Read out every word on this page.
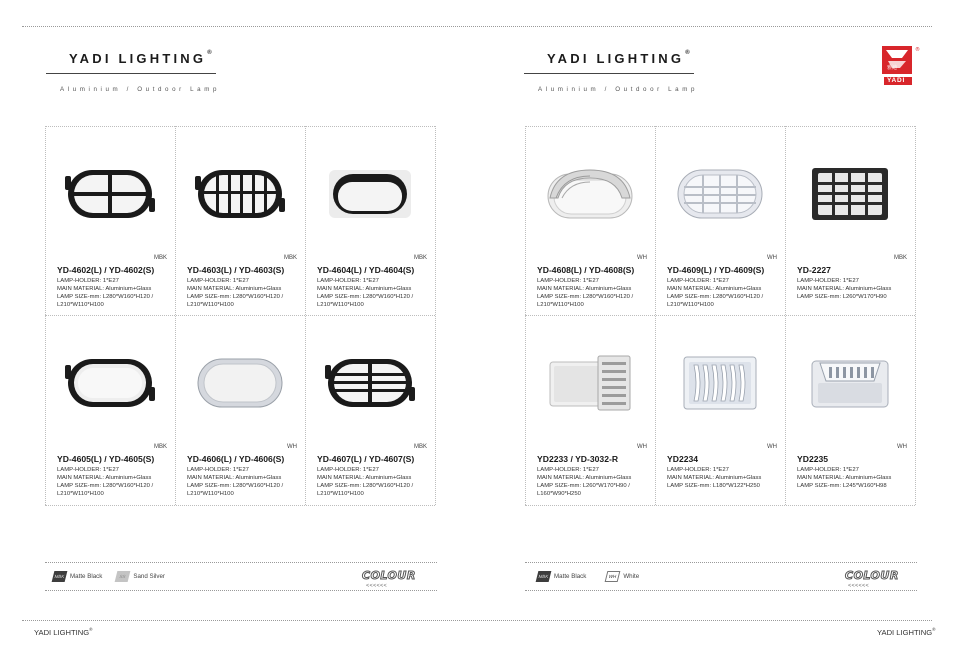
YADI LIGHTING®
Aluminium / Outdoor Lamp
YADI LIGHTING®
Aluminium / Outdoor Lamp
®
YADI
雅迪
MBK
YD-4602(L) / YD-4602(S)
LAMP-HOLDER: 1*E27
MAIN MATERIAL: Aluminium+Glass
LAMP SIZE-mm: L280*W160*H120 /
L210*W110*H100
MBK
YD-4603(L) / YD-4603(S)
LAMP-HOLDER: 1*E27
MAIN MATERIAL: Aluminium+Glass
LAMP SIZE-mm: L280*W160*H120 /
L210*W110*H100
MBK
YD-4604(L) / YD-4604(S)
LAMP-HOLDER: 1*E27
MAIN MATERIAL: Aluminium+Glass
LAMP SIZE-mm: L280*W160*H120 /
L210*W110*H100
MBK
YD-4605(L) / YD-4605(S)
LAMP-HOLDER: 1*E27
MAIN MATERIAL: Aluminium+Glass
LAMP SIZE-mm: L280*W160*H120 /
L210*W110*H100
WH
YD-4606(L) / YD-4606(S)
LAMP-HOLDER: 1*E27
MAIN MATERIAL: Aluminium+Glass
LAMP SIZE-mm: L280*W160*H120 /
L210*W110*H100
MBK
YD-4607(L) / YD-4607(S)
LAMP-HOLDER: 1*E27
MAIN MATERIAL: Aluminium+Glass
LAMP SIZE-mm: L280*W160*H120 /
L210*W110*H100
WH
YD-4608(L) / YD-4608(S)
LAMP-HOLDER: 1*E27
MAIN MATERIAL: Aluminium+Glass
LAMP SIZE-mm: L280*W160*H120 /
L210*W110*H100
WH
YD-4609(L) / YD-4609(S)
LAMP-HOLDER: 1*E27
MAIN MATERIAL: Aluminium+Glass
LAMP SIZE-mm: L280*W160*H120 /
L210*W110*H100
MBK
YD-2227
LAMP-HOLDER: 1*E27
MAIN MATERIAL: Aluminium+Glass
LAMP SIZE-mm: L260*W170*H90
WH
YD2233 / YD-3032-R
LAMP-HOLDER: 1*E27
MAIN MATERIAL: Aluminium+Glass
LAMP SIZE-mm: L260*W170*H90 /
L160*W90*H250
WH
YD2234
LAMP-HOLDER: 1*E27
MAIN MATERIAL: Aluminium+Glass
LAMP SIZE-mm: L180*W122*H250
WH
YD2235
LAMP-HOLDER: 1*E27
MAIN MATERIAL: Aluminium+Glass
LAMP SIZE-mm: L245*W160*H98
MBK Matte Black	SS	Sand Silver	MBK Matte Black	WH White
COLOUR
<<<<<<
COLOUR
<<<<<<
YADI LIGHTING®	YADI LIGHTING®
